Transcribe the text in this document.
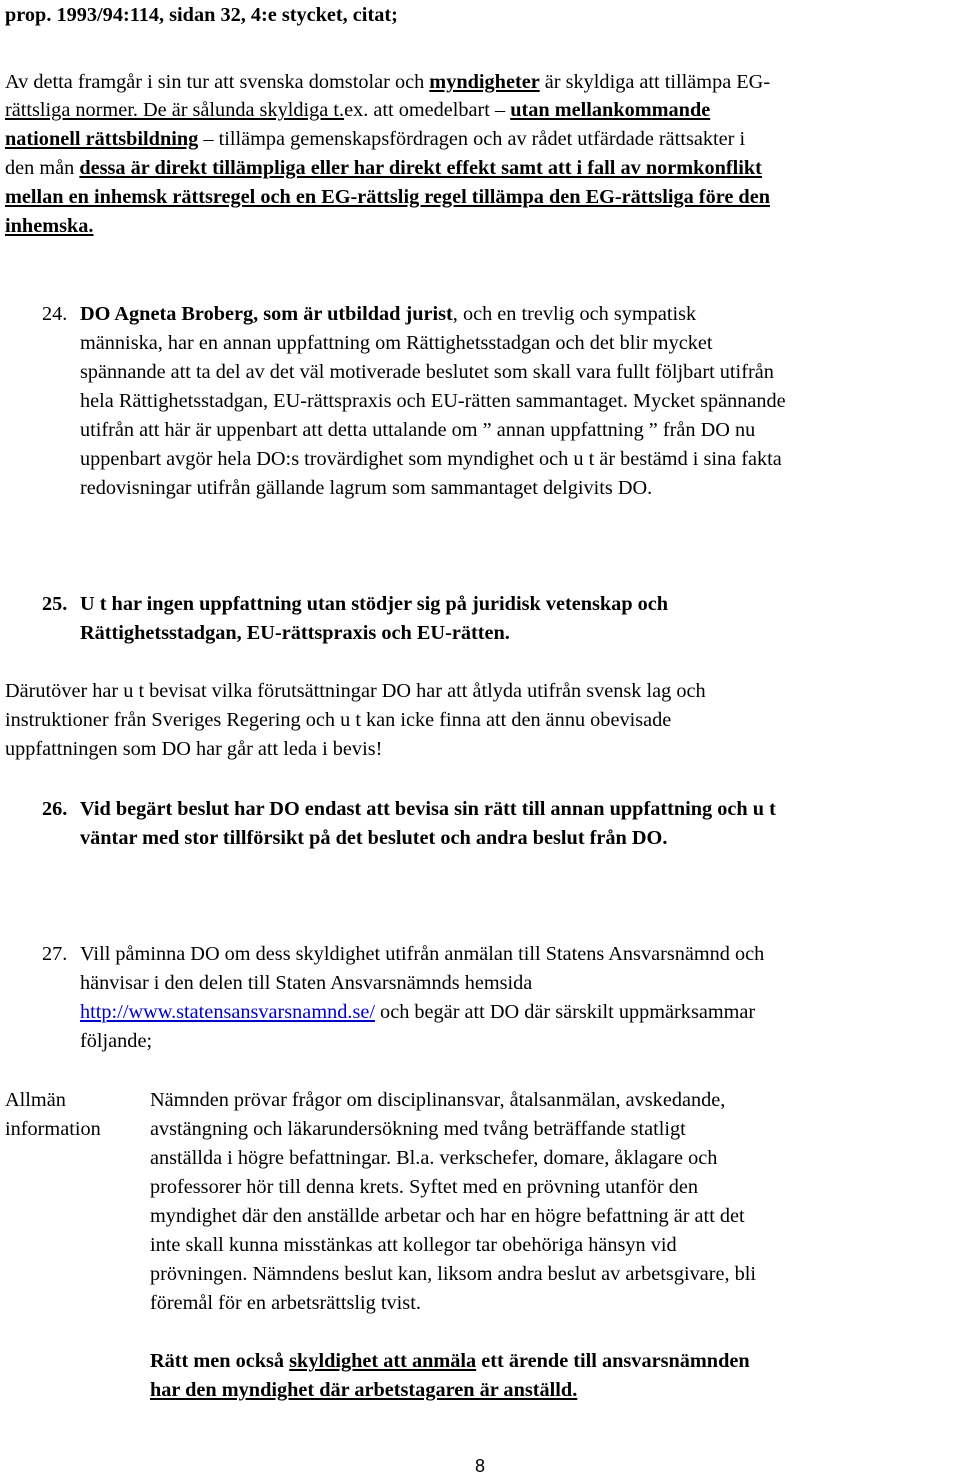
prop. 1993/94:114, sidan 32, 4:e stycket, citat;
Av detta framgår i sin tur att svenska domstolar och myndigheter är skyldiga att tillämpa EG-
rättsliga normer. De är sålunda skyldiga t.ex. att omedelbart – utan mellankommande
nationell rättsbildning – tillämpa gemenskapsfördragen och av rådet utfärdade rättsakter i
den mån dessa är direkt tillämpliga eller har direkt effekt samt att i fall av normkonflikt
mellan en inhemsk rättsregel och en EG-rättslig regel tillämpa den EG-rättsliga före den
inhemska.
24. DO Agneta Broberg, som är utbildad jurist, och en trevlig och sympatisk
människa, har en annan uppfattning om Rättighetsstadgan och det blir mycket
spännande att ta del av det väl motiverade beslutet som skall vara fullt följbart utifrån
hela Rättighetsstadgan, EU-rättspraxis och EU-rätten sammantaget. Mycket spännande
utifrån att här är uppenbart att detta uttalande om ” annan uppfattning ” från DO nu
uppenbart avgör hela DO:s trovärdighet som myndighet och u t är bestämd i sina fakta
redovisningar utifrån gällande lagrum som sammantaget delgivits DO.
25. U t har ingen uppfattning utan stödjer sig på juridisk vetenskap och
Rättighetsstadgan, EU-rättspraxis och EU-rätten.
Därutöver har u t bevisat vilka förutsättningar DO har att åtlyda utifrån svensk lag och
instruktioner från Sveriges Regering och u t kan icke finna att den ännu obevisade
uppfattningen som DO har går att leda i bevis!
26. Vid begärt beslut har DO endast att bevisa sin rätt till annan uppfattning och u t
väntar med stor tillförsikt på det beslutet och andra beslut från DO.
27. Vill påminna DO om dess skyldighet utifrån anmälan till Statens Ansvarsnämnd och
hänvisar i den delen till Staten Ansvarsnämnds hemsida
http://www.statensansvarsnamnd.se/ och begär att DO där särskilt uppmärksammar
följande;
Allmän
information
Nämnden prövar frågor om disciplinansvar, åtalsanmälan, avskedande,
avstängning och läkarundersökning med tvång beträffande statligt
anställda i högre befattningar. Bl.a. verkschefer, domare, åklagare och
professorer hör till denna krets. Syftet med en prövning utanför den
myndighet där den anställde arbetar och har en högre befattning är att det
inte skall kunna misstänkas att kollegor tar obehöriga hänsyn vid
prövningen. Nämndens beslut kan, liksom andra beslut av arbetsgivare, bli
föremål för en arbetsrättslig tvist.
Rätt men också skyldighet att anmäla ett ärende till ansvarsnämnden
har den myndighet där arbetstagaren är anställd.
8
